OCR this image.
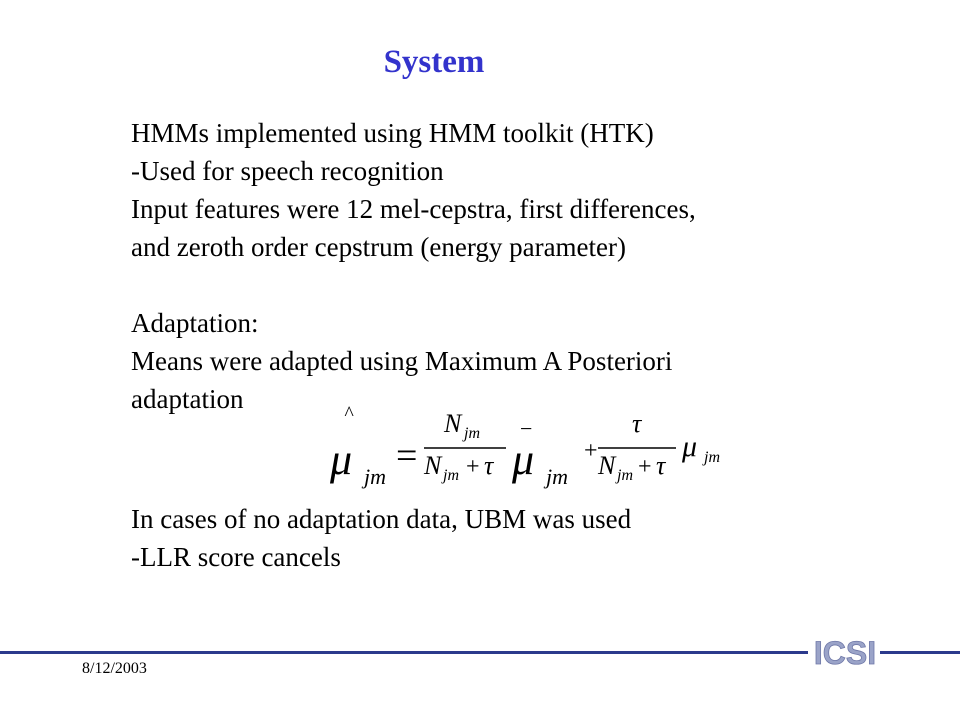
System
HMMs implemented using HMM toolkit (HTK)
-Used for speech recognition
Input features were 12 mel-cepstra, first differences,
and zeroth order cepstrum (energy parameter)
Adaptation:
Means were adapted using Maximum A Posteriori
adaptation	^
μ jm =
N jm
N jm + τ
−
μ jm
+
τ
N jm + τ
μ jm
In cases of no adaptation data, UBM was used
-LLR score cancels
8/12/2003	ICSI
